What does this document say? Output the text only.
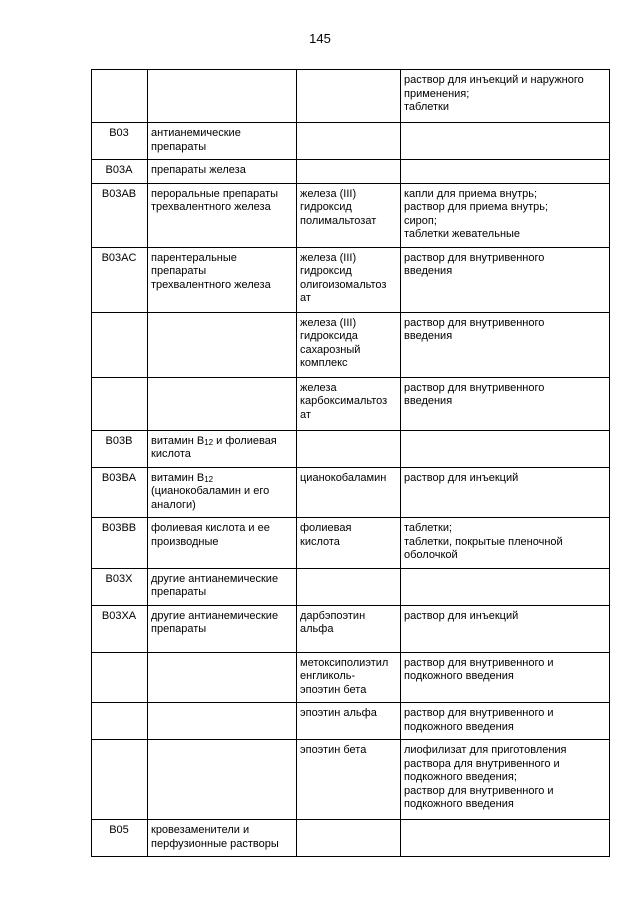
145

			раствор для инъекций и наружного
применения;
таблетки

B03	антианемические
препараты		

B03A	препараты железа		

B03AB	пероральные препараты
трехвалентного железа	железа (III)
гидроксид
полимальтозат	капли для приема внутрь;
раствор для приема внутрь;
сироп;
таблетки жевательные

B03AC	парентеральные
препараты
трехвалентного железа	железа (III)
гидроксид
олигоизомальтоз
ат	раствор для внутривенного
введения

		железа (III)
гидроксида
сахарозный
комплекс	раствор для внутривенного
введения

		железа
карбоксимальтоз
ат	раствор для внутривенного
введения

B03B	витамин $B_{12}$ и фолиевая
кислота		

B03BA	витамин $B_{12}$
(цианокобаламин и его
аналоги)	цианокобаламин	раствор для инъекций

B03BB	фолиевая кислота и ее
производные	фолиевая
кислота	таблетки;
таблетки, покрытые пленочной
оболочкой

B03X	другие антианемические
препараты		

B03XA	другие антианемические
препараты	дарбэпоэтин
альфа	раствор для инъекций

		метоксиполиэтил
енгликоль-
эпоэтин бета	раствор для внутривенного и
подкожного введения

		эпоэтин альфа	раствор для внутривенного и
подкожного введения

		эпоэтин бета	лиофилизат для приготовления
раствора для внутривенного и
подкожного введения;
раствор для внутривенного и
подкожного введения

B05	кровезаменители и
перфузионные растворы		
